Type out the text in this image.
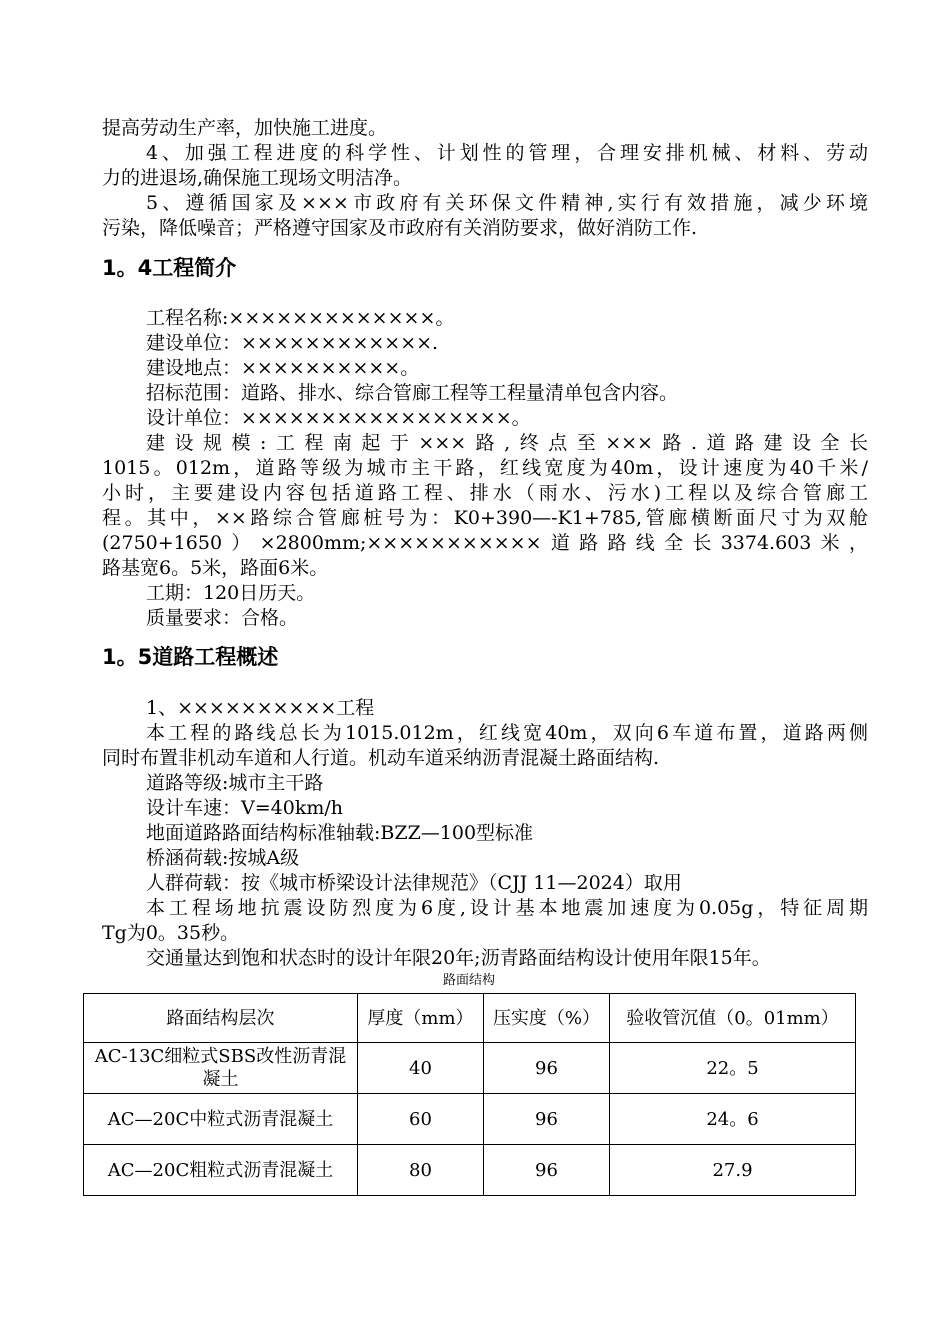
提高劳动生产率，加快施工进度。
4、加强工程进度的科学性、计划性的管理，合理安排机械、材料、劳动
力的进退场,确保施工现场文明洁净。
5、遵循国家及×××市政府有关环保文件精神,实行有效措施，减少环境
污染，降低噪音；严格遵守国家及市政府有关消防要求，做好消防工作.
1。4工程简介
工程名称:×××××××××××××。
建设单位：××××××××××××.
建设地点：××××××××××。
招标范围：道路、排水、综合管廊工程等工程量清单包含内容。
设计单位：×××××××××××××××××。
建设规模:工程南起于×××路,终点至×××路.道路建设全长
1015。012m，道路等级为城市主干路，红线宽度为40m，设计速度为40千米/
小时，主要建设内容包括道路工程、排水（雨水、污水)工程以及综合管廊工
程。其中，××路综合管廊桩号为：K0+390—-K1+785,管廊横断面尺寸为双舱
(2750+1650）×2800mm;×××××××××××道路路线全长3374.603米，
路基宽6。5米，路面6米。
工期：120日历天。
质量要求：合格。
1。5道路工程概述
1、××××××××××工程
本工程的路线总长为1015.012m，红线宽40m，双向6车道布置，道路两侧
同时布置非机动车道和人行道。机动车道采纳沥青混凝土路面结构.
道路等级:城市主干路
设计车速：V=40km/h
地面道路路面结构标准轴载:BZZ—100型标准
桥涵荷载:按城A级
人群荷载：按《城市桥梁设计法律规范》（CJJ 11—2024）取用
本工程场地抗震设防烈度为6度,设计基本地震加速度为0.05g，特征周期
Tg为0。35秒。
交通量达到饱和状态时的设计年限20年;沥青路面结构设计使用年限15年。
路面结构
路面结构层次	厚度（mm）	压实度（%）	验收管沉值（0。01mm）
AC-13C细粒式SBS改性沥青混凝土	40	96	22。5
AC—20C中粒式沥青混凝土	60	96	24。6
AC—20C粗粒式沥青混凝土	80	96	27.9
